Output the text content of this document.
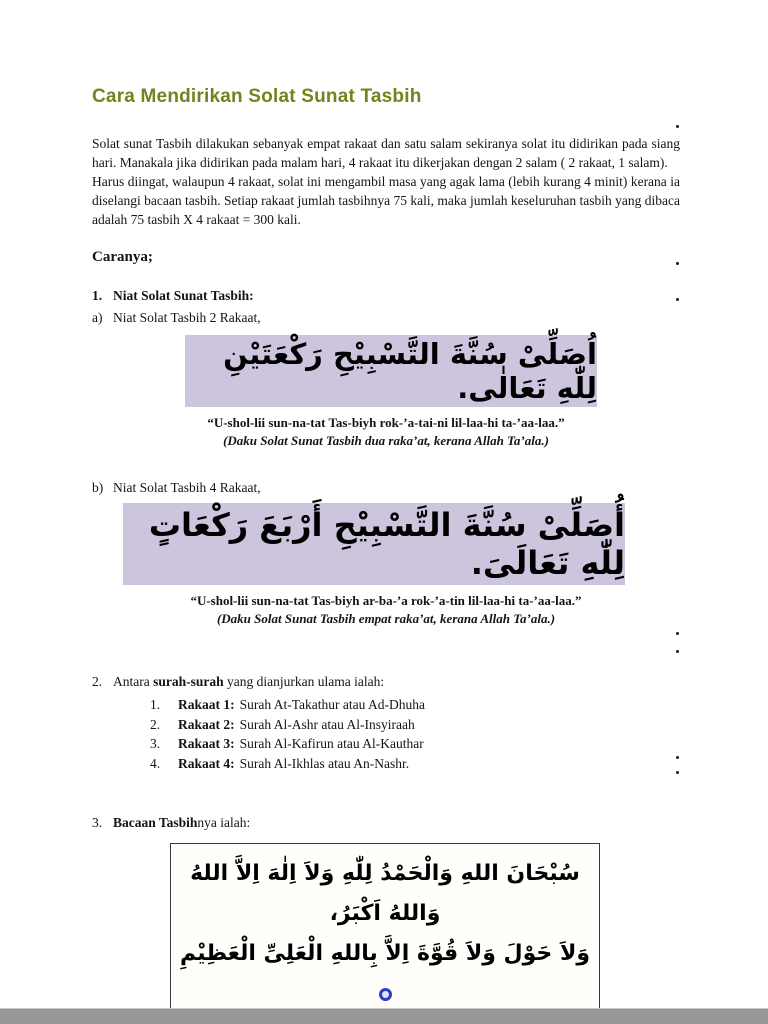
Cara Mendirikan Solat Sunat Tasbih

Solat sunat Tasbih dilakukan sebanyak empat rakaat dan satu salam sekiranya solat itu didirikan pada siang hari. Manakala jika didirikan pada malam hari, 4 rakaat itu dikerjakan dengan 2 salam ( 2 rakaat, 1 salam).

Harus diingat, walaupun 4 rakaat, solat ini mengambil masa yang agak lama (lebih kurang 4 minit) kerana ia diselangi bacaan tasbih. Setiap rakaat jumlah tasbihnya 75 kali, maka jumlah keseluruhan tasbih yang dibaca adalah 75 tasbih X 4 rakaat = 300 kali.

Caranya;

1. Niat Solat Sunat Tasbih:

a) Niat Solat Tasbih 2 Rakaat,

اُصَلِّىْ سُنَّةَ التَّسْبِيْحِ رَكْعَتَيْنِ لِلّٰهِ تَعَالٰى.
“U-shol-lii sun-na-tat Tas-biyh rok-’a-tai-ni lil-laa-hi ta-’aa-laa.”
(Daku Solat Sunat Tasbih dua raka’at, kerana Allah Ta’ala.)

b) Niat Solat Tasbih 4 Rakaat,

أُصَلِّىْ سُنَّةَ التَّسْبِيْحِ أَرْبَعَ رَكْعَاتٍ لِلّٰهِ تَعَالَىَ.
“U-shol-lii sun-na-tat Tas-biyh ar-ba-’a rok-’a-tin lil-laa-hi ta-’aa-laa.”
(Daku Solat Sunat Tasbih empat raka’at, kerana Allah Ta’ala.)

2. Antara surah-surah yang dianjurkan ulama ialah:

1. Rakaat 1: Surah At-Takathur atau Ad-Dhuha
2. Rakaat 2: Surah Al-Ashr atau Al-Insyiraah
3. Rakaat 3: Surah Al-Kafirun atau Al-Kauthar
4. Rakaat 4: Surah Al-Ikhlas atau An-Nashr.

3. Bacaan Tasbihnya ialah:

سُبْحَانَ اللهِ وَالْحَمْدُ لِلّٰهِ وَلاَ اِلٰهَ اِلاَّ اللهُ وَاللهُ اَكْبَرُ،
وَلاَ حَوْلَ وَلاَ قُوَّةَ اِلاَّ بِاللهِ الْعَلِىِّ الْعَظِيْمِ
